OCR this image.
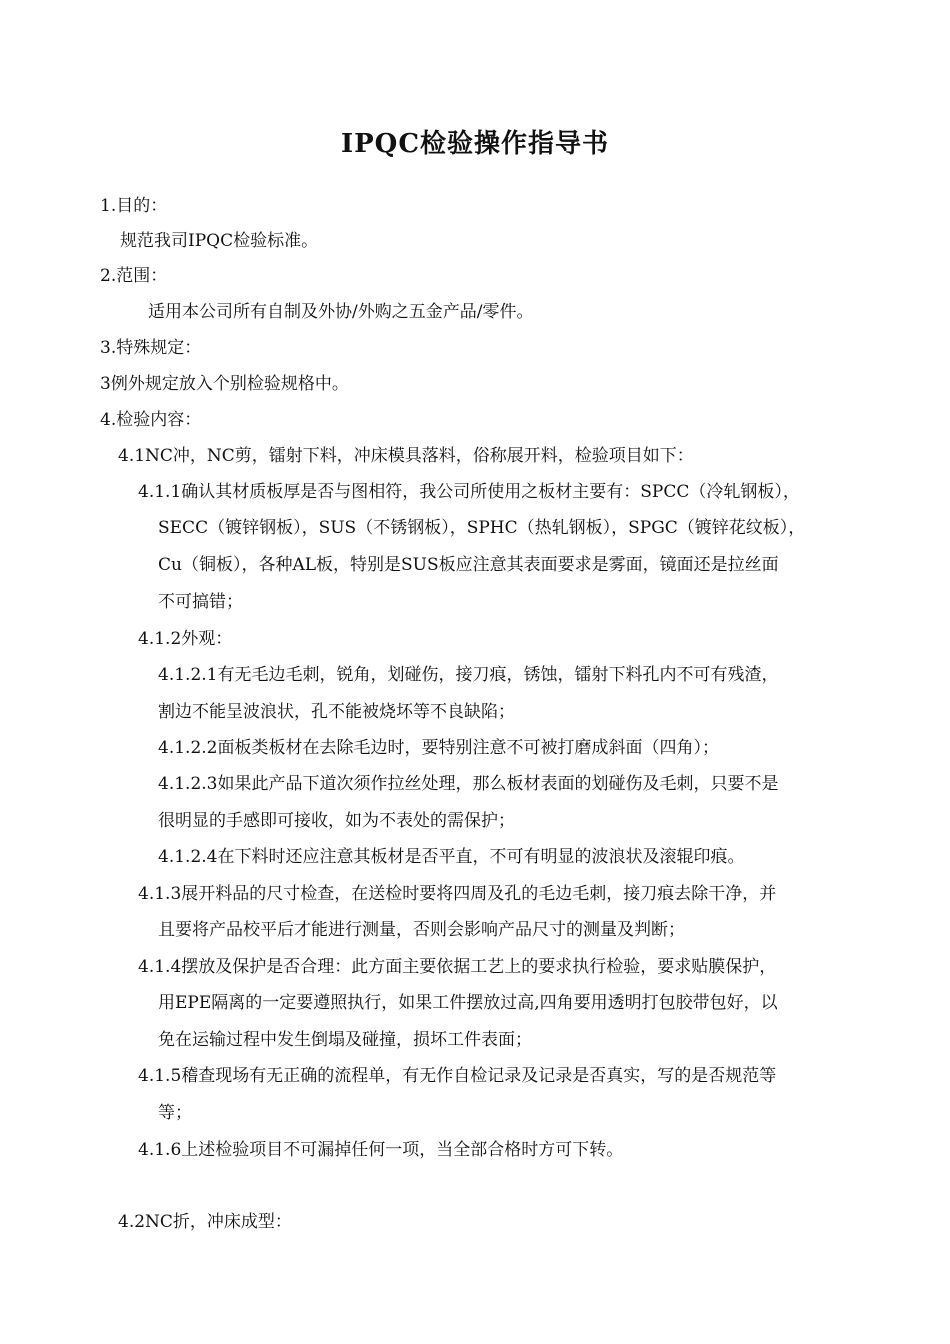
IPQC检验操作指导书
1.目的：
规范我司IPQC检验标准。
2.范围：
适用本公司所有自制及外协/外购之五金产品/零件。
3.特殊规定：
3例外规定放入个别检验规格中。
4.检验内容：
4.1NC冲，NC剪，镭射下料，冲床模具落料，俗称展开料，检验项目如下：
4.1.1确认其材质板厚是否与图相符，我公司所使用之板材主要有：SPCC（冷轧钢板），
SECC（镀锌钢板），SUS（不锈钢板），SPHC（热轧钢板），SPGC（镀锌花纹板），
Cu（铜板），各种AL板，特别是SUS板应注意其表面要求是雾面，镜面还是拉丝面
不可搞错；
4.1.2外观：
4.1.2.1有无毛边毛刺，锐角，划碰伤，接刀痕，锈蚀，镭射下料孔内不可有残渣，
割边不能呈波浪状，孔不能被烧坏等不良缺陷；
4.1.2.2面板类板材在去除毛边时，要特别注意不可被打磨成斜面（四角）；
4.1.2.3如果此产品下道次须作拉丝处理，那么板材表面的划碰伤及毛刺，只要不是
很明显的手感即可接收，如为不表处的需保护；
4.1.2.4在下料时还应注意其板材是否平直，不可有明显的波浪状及滚辊印痕。
4.1.3展开料品的尺寸检查，在送检时要将四周及孔的毛边毛刺，接刀痕去除干净，并
且要将产品校平后才能进行测量，否则会影响产品尺寸的测量及判断；
4.1.4摆放及保护是否合理：此方面主要依据工艺上的要求执行检验，要求贴膜保护，
用EPE隔离的一定要遵照执行，如果工件摆放过高,四角要用透明打包胶带包好，以
免在运输过程中发生倒塌及碰撞，损坏工件表面；
4.1.5稽查现场有无正确的流程单，有无作自检记录及记录是否真实，写的是否规范等
等；
4.1.6上述检验项目不可漏掉任何一项，当全部合格时方可下转。
4.2NC折，冲床成型：
